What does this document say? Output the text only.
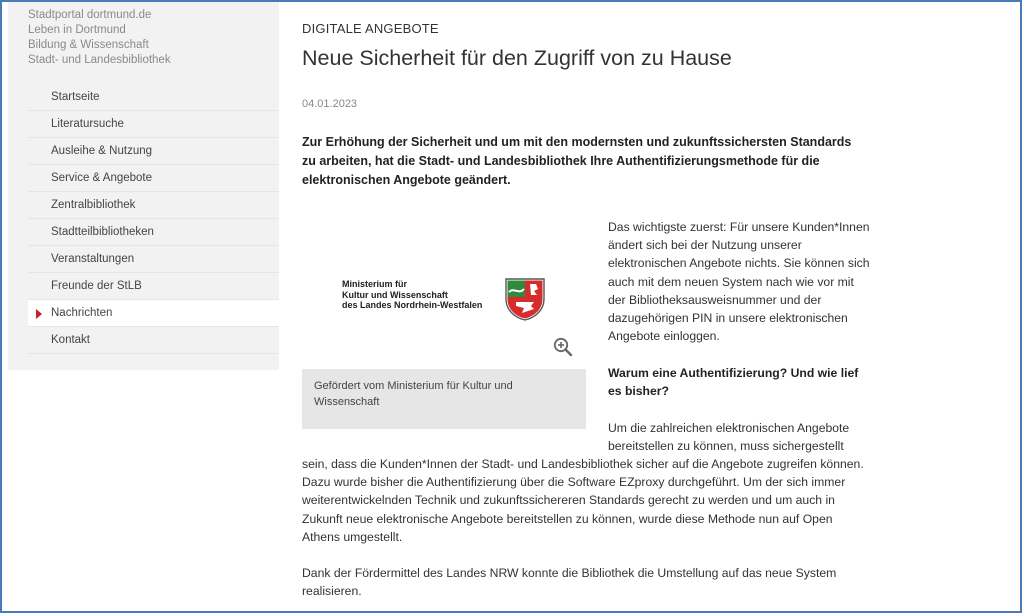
Stadtportal dortmund.de
Leben in Dortmund
Bildung & Wissenschaft
Stadt- und Landesbibliothek
Startseite
Literatursuche
Ausleihe & Nutzung
Service & Angebote
Zentralbibliothek
Stadtteilbibliotheken
Veranstaltungen
Freunde der StLB
Nachrichten
Kontakt
DIGITALE ANGEBOTE
Neue Sicherheit für den Zugriff von zu Hause
04.01.2023

Zur Erhöhung der Sicherheit und um mit den modernsten und zukunftssichersten Standards zu arbeiten, hat die Stadt- und Landesbibliothek Ihre Authentifizierungsmethode für die elektronischen Angebote geändert.

Ministerium für
Kultur und Wissenschaft
des Landes Nordrhein-Westfalen
Gefördert vom Ministerium für Kultur und Wissenschaft

Das wichtigste zuerst: Für unsere Kunden*Innen ändert sich bei der Nutzung unserer elektronischen Angebote nichts. Sie können sich auch mit dem neuen System nach wie vor mit der Bibliotheksausweisnummer und der dazugehörigen PIN in unsere elektronischen Angebote einloggen.

Warum eine Authentifizierung? Und wie lief es bisher?

Um die zahlreichen elektronischen Angebote bereitstellen zu können, muss sichergestellt

sein, dass die Kunden*Innen der Stadt- und Landesbibliothek sicher auf die Angebote zugreifen können. Dazu wurde bisher die Authentifizierung über die Software EZproxy durchgeführt. Um der sich immer weiterentwickelnden Technik und zukunftssichereren Standards gerecht zu werden und um auch in Zukunft neue elektronische Angebote bereitstellen zu können, wurde diese Methode nun auf Open Athens umgestellt.

Dank der Fördermittel des Landes NRW konnte die Bibliothek die Umstellung auf das neue System realisieren.
